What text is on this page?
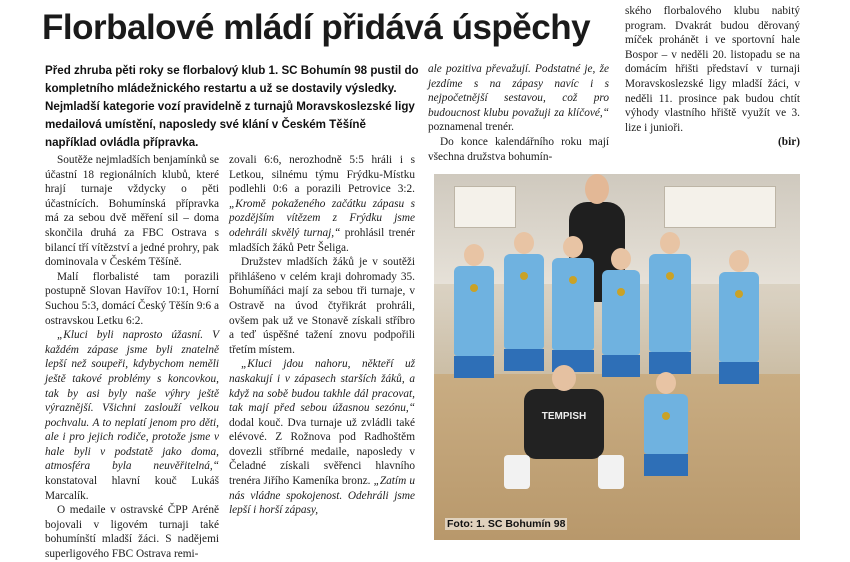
Florbalové mládí přidává úspěchy

Před zhruba pěti roky se florbalový klub 1. SC Bohumín 98 pustil do kompletního mládežnického restartu a už se dostavily výsledky. Nejmladší kategorie vozí pravidelně z turnajů Moravskoslezské ligy medailová umístění, naposledy své klání v Českém Těšíně například ovládla přípravka.

Soutěže nejmladších benjamínků se účastní 18 regionálních klubů, které hrají turnaje vždycky o pěti účastnících. Bohumínská přípravka má za sebou dvě měření sil – doma skončila druhá za FBC Ostrava s bilancí tří vítězství a jedné prohry, pak dominovala v Českém Těšíně.

Malí florbalisté tam porazili postupně Slovan Havířov 10:1, Horní Suchou 5:3, domácí Český Těšín 9:6 a ostravskou Letku 6:2.

„Kluci byli naprosto úžasní. V každém zápase jsme byli znatelně lepší než soupeři, kdybychom neměli ještě takové problémy s koncovkou, tak by asi byly naše výhry ještě výraznější. Všichni zaslouží velkou pochvalu. A to neplatí jenom pro děti, ale i pro jejich rodiče, protože jsme v hale byli v podstatě jako doma, atmosféra byla neuvěřitelná,“ konstatoval hlavní kouč Lukáš Marcalík.

O medaile v ostravské ČPP Aréně bojovali v ligovém turnaji také bohumínští mladší žáci. S nadějemi superligového FBC Ostrava remi-

zovali 6:6, nerozhodně 5:5 hráli i s Letkou, silnému týmu Frýdku-Místku podlehli 0:6 a porazili Petrovice 3:2. „Kromě pokaženého začátku zápasu s pozdějším vítězem z Frýdku jsme odehráli skvělý turnaj,“ prohlásil trenér mladších žáků Petr Šeliga.

Družstev mladších žáků je v soutěži přihlášeno v celém kraji dohromady 35. Bohumíňáci mají za sebou tři turnaje, v Ostravě na úvod čtyřikrát prohráli, ovšem pak už ve Stonavě získali stříbro a teď úspěšné tažení znovu podpořili třetím místem.

„Kluci jdou nahoru, někteří už naskakují i v zápasech starších žáků, a když na sobě budou takhle dál pracovat, tak mají před sebou úžasnou sezónu,“ dodal kouč. Dva turnaje už zvládli také elévové. Z Rožnova pod Radhoštěm dovezli stříbrné medaile, naposledy v Čeladné získali svěřenci hlavního trenéra Jiřího Kameníka bronz. „Zatím u nás vládne spokojenost. Odehráli jsme lepší i horší zápasy,

ale pozitiva převažují. Podstatné je, že jezdíme s na zápasy navíc i s nejpočetnější sestavou, což pro budoucnost klubu považuji za klíčové,“ poznamenal trenér.

Do konce kalendářního roku mají všechna družstva bohumín-

ského florbalového klubu nabitý program. Dvakrát budou děrovaný míček prohánět i ve sportovní hale Bospor – v neděli 20. listopadu se na domácím hřišti představí v turnaji Moravskoslezské ligy mladší žáci, v neděli 11. prosince pak budou chtít výhody vlastního hřiště využít ve 3. lize i junioři.

(bir)

TEMPISH
Foto: 1. SC Bohumín 98
